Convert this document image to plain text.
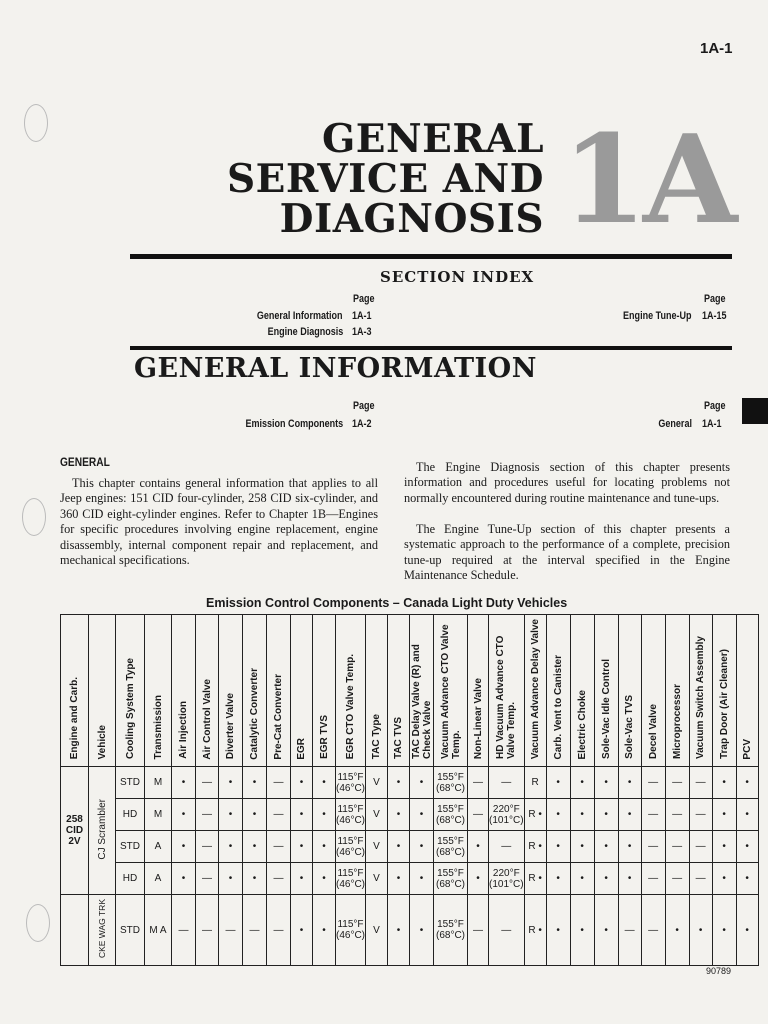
1A-1
GENERAL
SERVICE AND
DIAGNOSIS 1A
SECTION INDEX
Page
General Information 1A-1
Engine Diagnosis 1A-3
Page
Engine Tune-Up 1A-15
GENERAL INFORMATION
Page
Emission Components 1A-2
Page
General 1A-1
GENERAL
This chapter contains general information that applies to all Jeep engines: 151 CID four-cylinder, 258 CID six-cylinder, and 360 CID eight-cylinder engines. Refer to Chapter 1B—Engines for specific procedures involving engine replacement, engine disassembly, internal component repair and replacement, and mechanical specifications.
The Engine Diagnosis section of this chapter presents information and procedures useful for locating problems not normally encountered during routine maintenance and tune-ups.
The Engine Tune-Up section of this chapter presents a systematic approach to the performance of a complete, precision tune-up required at the interval specified in the Engine Maintenance Schedule.
Emission Control Components – Canada Light Duty Vehicles
Engine and Carb.	Vehicle	Cooling System Type	Transmission	Air Injection	Air Control Valve	Diverter Valve	Catalytic Converter	Pre-Cat Converter	EGR	EGR TVS	EGR CTO Valve Temp.	TAC Type	TAC TVS	TAC Delay Valve (R) and Check Valve	Vacuum Advance CTO Valve Temp.	Non-Linear Valve	HD Vacuum Advance CTO Valve Temp.	Vacuum Advance Delay Valve	Carb. Vent to Canister	Electric Choke	Sole-Vac Idle Control	Sole-Vac TVS	Decel Valve	Microprocessor	Vacuum Switch Assembly	Trap Door (Air Cleaner)	PCV
258 CID 2V	CJ Scrambler	STD	M	•	—	•	•	—	•	•	115°F (46°C)	V	•	•	155°F (68°C)	—	—	R	•	•	•	•	—	—	—	•	•
		HD	M	•	—	•	•	—	•	•	115°F (46°C)	V	•	•	155°F (68°C)	—	220°F (101°C)	R •	•	•	•	•	—	—	—	•	•
		STD	A	•	—	•	•	—	•	•	115°F (46°C)	V	•	•	155°F (68°C)	•	—	R •	•	•	•	•	—	—	—	•	•
		HD	A	•	—	•	•	—	•	•	115°F (46°C)	V	•	•	155°F (68°C)	•	220°F (101°C)	R •	•	•	•	•	—	—	—	•	•
	CKE WAG TRK	STD	M A	—	—	—	—	—	•	•	115°F (46°C)	V	•	•	155°F (68°C)	—	—	R •	•	•	•	—	—	•	•	•	•
90789
